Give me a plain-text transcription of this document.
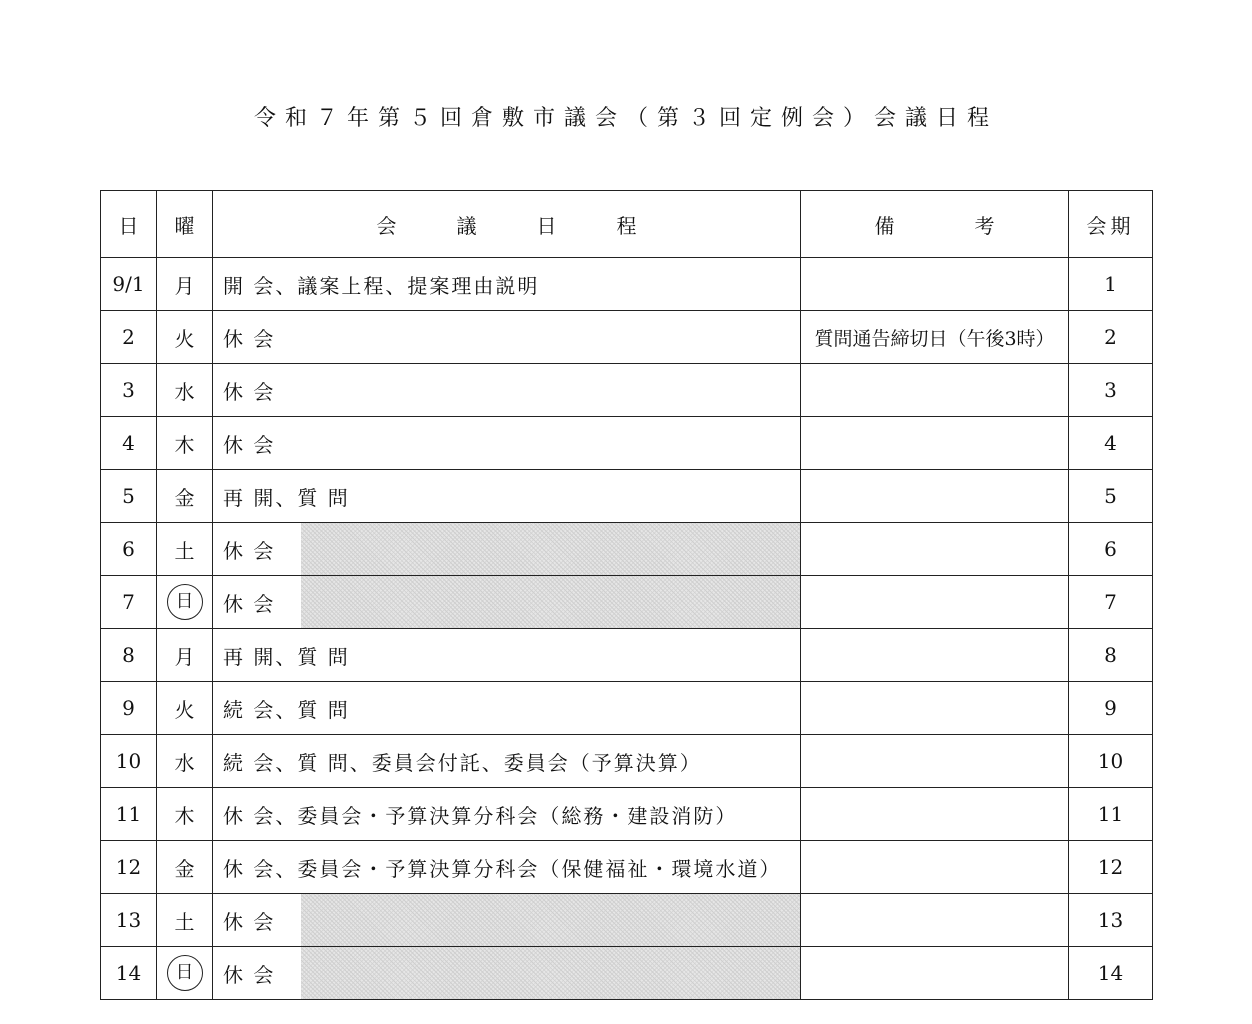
令和７年第５回倉敷市議会（第３回定例会）会議日程
日	曜	会議日程	備考	会期
9/1	月	開 会、議案上程、提案理由説明		1
2	火	休 会	質問通告締切日（午後3時）	2
3	水	休 会		3
4	木	休 会		4
5	金	再 開、質 問		5
6	土	休 会		6
7	日	休 会		7
8	月	再 開、質 問		8
9	火	続 会、質 問		9
10	水	続 会、質 問、委員会付託、委員会（予算決算）		10
11	木	休 会、委員会・予算決算分科会（総務・建設消防）		11
12	金	休 会、委員会・予算決算分科会（保健福祉・環境水道）		12
13	土	休 会		13
14	日	休 会		14
